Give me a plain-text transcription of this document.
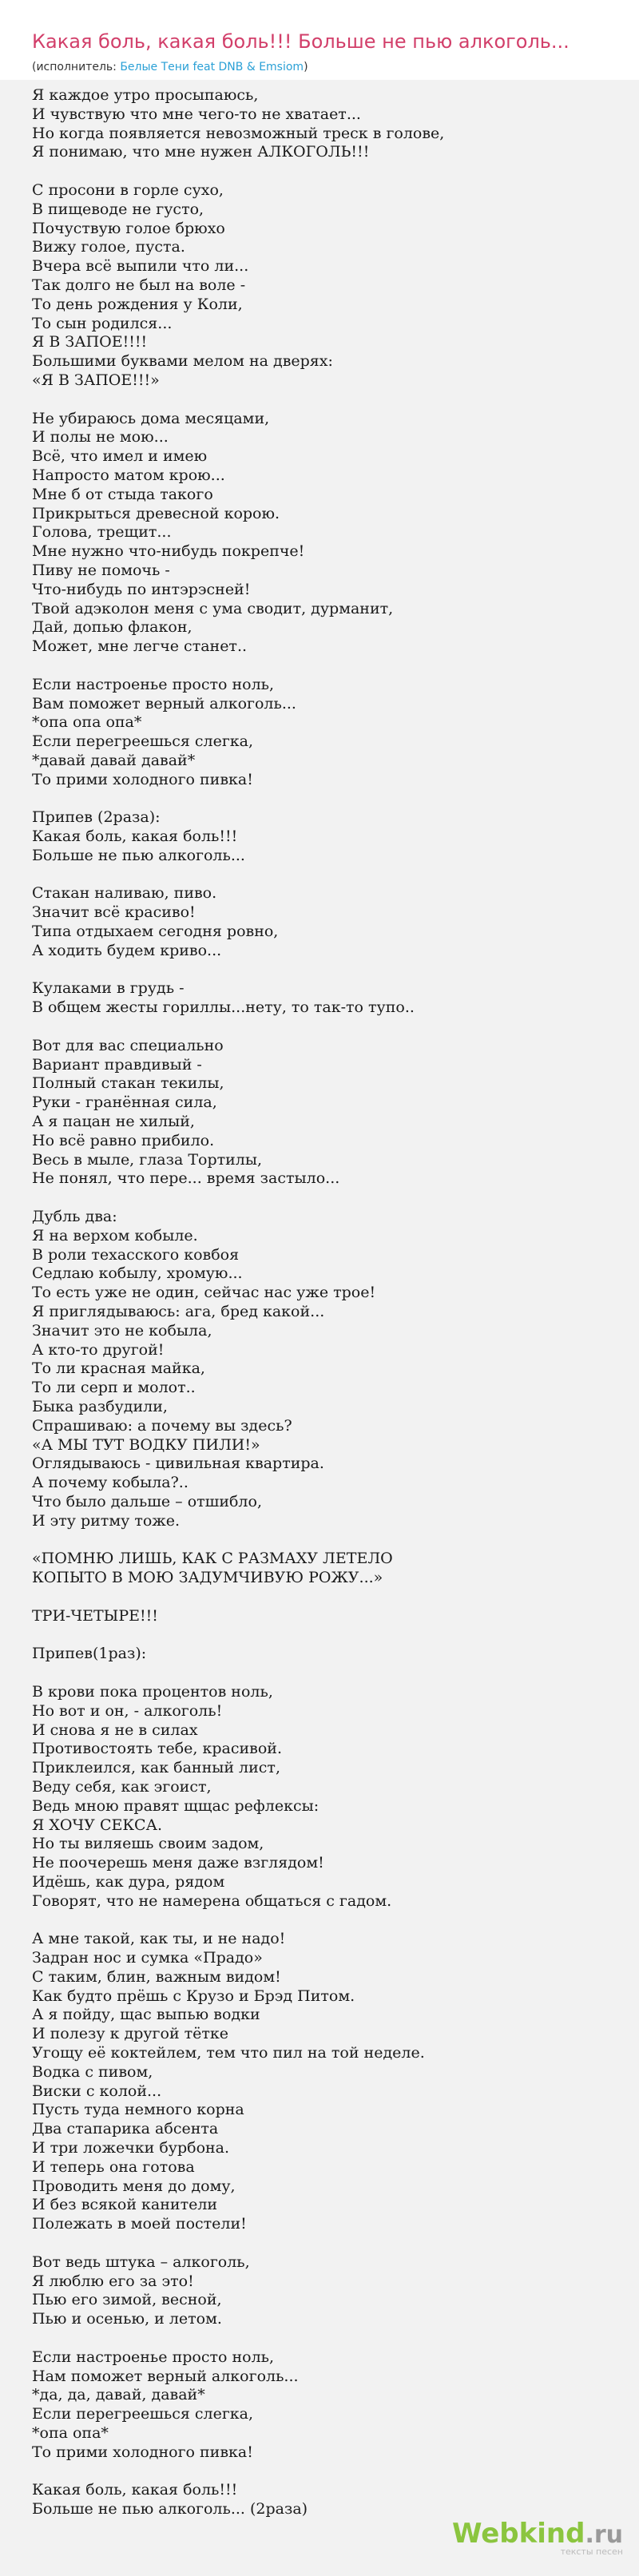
Какая боль, какая боль!!! Больше не пью алкоголь...
(исполнитель: Белые Тени feat DNB & Emsiom)
Я каждое утро просыпаюсь,
И чувствую что мне чего-то не хватает...
Но когда появляется невозможный треск в голове,
Я понимаю, что мне нужен АЛКОГОЛЬ!!!
С просони в горле сухо,
В пищеводе не густо,
Почуствую голое брюхо
Вижу голое, пуста.
Вчера всё выпили что ли...
Так долго не был на воле -
То день рождения у Коли,
То сын родился...
Я В ЗАПОЕ!!!!
Большими буквами мелом на дверях:
«Я В ЗАПОЕ!!!»
Не убираюсь дома месяцами,
И полы не мою...
Всё, что имел и имею
Напросто матом крою...
Мне б от стыда такого
Прикрыться древесной корою.
Голова, трещит...
Мне нужно что-нибудь покрепче!
Пиву не помочь -
Что-нибудь по интэрэсней!
Твой адэколон меня с ума сводит, дурманит,
Дай, допью флакон,
Может, мне легче станет..
Если настроенье просто ноль,
Вам поможет верный алкоголь...
*опа опа опа*
Если перегреешься слегка,
*давай давай давай*
То прими холодного пивка!
Припев (2раза):
Какая боль, какая боль!!!
Больше не пью алкоголь...
Стакан наливаю, пиво.
Значит всё красиво!
Типа отдыхаем сегодня ровно,
А ходить будем криво...
Кулаками в грудь -
В общем жесты гориллы...нету, то так-то тупо..
Вот для вас специально
Вариант правдивый -
Полный стакан текилы,
Руки - гранённая сила,
А я пацан не хилый,
Но всё равно прибило.
Весь в мыле, глаза Тортилы,
Не понял, что пере... время застыло...
Дубль два:
Я на верхом кобыле.
В роли техасского ковбоя
Седлаю кобылу, хромую...
То есть уже не один, сейчас нас уже трое!
Я приглядываюсь: ага, бред какой...
Значит это не кобыла,
А кто-то другой!
То ли красная майка,
То ли серп и молот..
Быка разбудили,
Спрашиваю: а почему вы здесь?
«А МЫ ТУТ ВОДКУ ПИЛИ!»
Оглядываюсь - цивильная квартира.
А почему кобыла?..
Что было дальше – отшибло,
И эту ритму тоже.
«ПОМНЮ ЛИШЬ, КАК С РАЗМАХУ ЛЕТЕЛО
КОПЫТО В МОЮ ЗАДУМЧИВУЮ РОЖУ...»
ТРИ-ЧЕТЫРЕ!!!
Припев(1раз):
В крови пока процентов ноль,
Но вот и он, - алкоголь!
И снова я не в силах
Противостоять тебе, красивой.
Приклеился, как банный лист,
Веду себя, как эгоист,
Ведь мною правят щщас рефлексы:
Я ХОЧУ СЕКСА.
Но ты виляешь своим задом,
Не поочерешь меня даже взглядом!
Идёшь, как дура, рядом
Говорят, что не намерена общаться с гадом.
А мне такой, как ты, и не надо!
Задран нос и сумка «Прадо»
С таким, блин, важным видом!
Как будто прёшь с Крузо и Брэд Питом.
А я пойду, щас выпью водки
И полезу к другой тётке
Угощу её коктейлем, тем что пил на той неделе.
Водка с пивом,
Виски с колой...
Пусть туда немного корна
Два стапарика абсента
И три ложечки бурбона.
И теперь она готова
Проводить меня до дому,
И без всякой канители
Полежать в моей постели!
Вот ведь штука – алкоголь,
Я люблю его за это!
Пью его зимой, весной,
Пью и осенью, и летом.
Если настроенье просто ноль,
Нам поможет верный алкоголь...
*да, да, давай, давай*
Если перегреешься слегка,
*опа опа*
То прими холодного пивка!
Какая боль, какая боль!!!
Больше не пью алкоголь... (2раза)
Webkind.ru
тексты песен
